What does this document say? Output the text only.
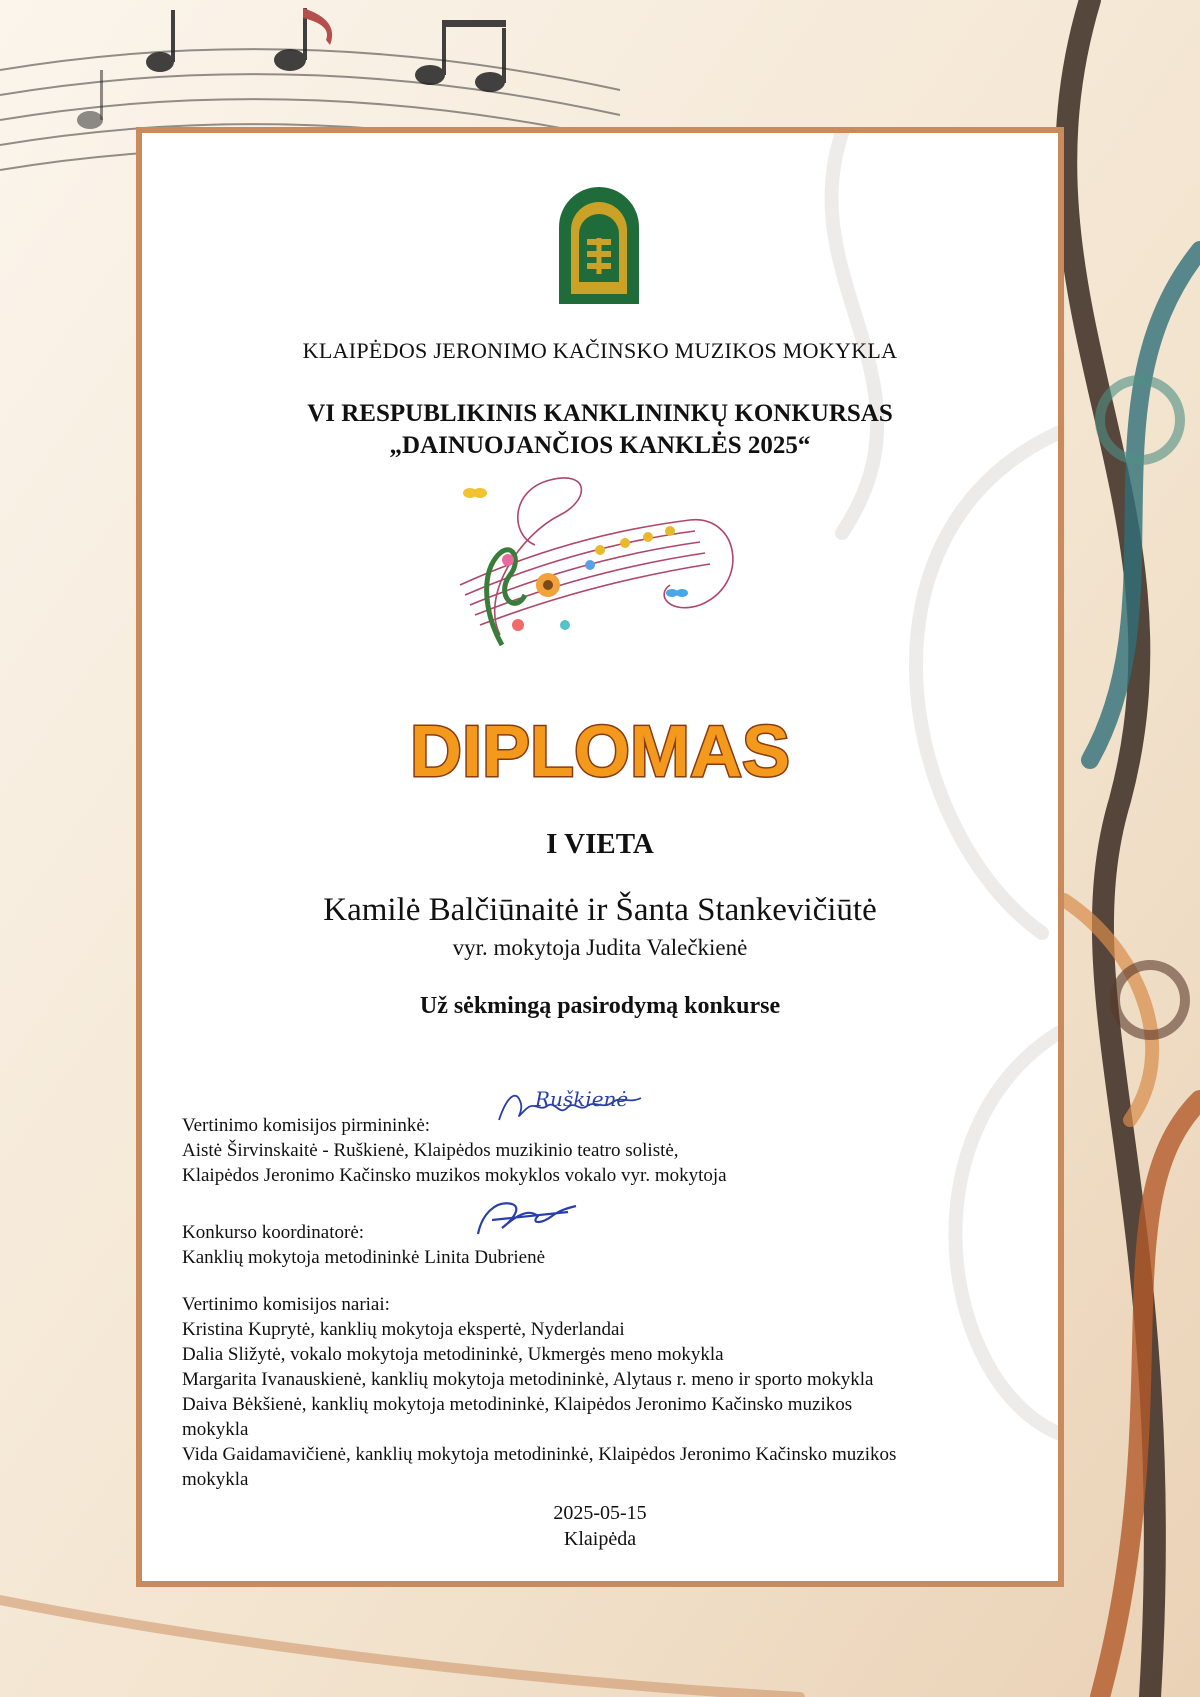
KLAIPĖDOS JERONIMO KAČINSKO MUZIKOS MOKYKLA

VI RESPUBLIKINIS KANKLININKŲ KONKURSAS
„DAINUOJANČIOS KANKLĖS 2025“
DIPLOMAS

I VIETA

Kamilė Balčiūnaitė ir Šanta Stankevičiūtė

vyr. mokytoja Judita Valečkienė

Už sėkmingą pasirodymą konkurse

Vertinimo komisijos pirmininkė:
Aistė Širvinskaitė - Ruškienė, Klaipėdos muzikinio teatro solistė,
Klaipėdos Jeronimo Kačinsko muzikos mokyklos vokalo vyr. mokytoja
Ruškienė
Konkurso koordinatorė:
Kanklių mokytoja metodininkė Linita Dubrienė
Vertinimo komisijos nariai:
Kristina Kuprytė, kanklių mokytoja ekspertė, Nyderlandai
Dalia Sližytė, vokalo mokytoja metodininkė, Ukmergės meno mokykla
Margarita Ivanauskienė, kanklių mokytoja metodininkė, Alytaus r. meno ir sporto mokykla
Daiva Bėkšienė, kanklių mokytoja metodininkė, Klaipėdos Jeronimo Kačinsko muzikos
mokykla
Vida Gaidamavičienė, kanklių mokytoja metodininkė, Klaipėdos Jeronimo Kačinsko muzikos
mokykla
2025-05-15
Klaipėda
